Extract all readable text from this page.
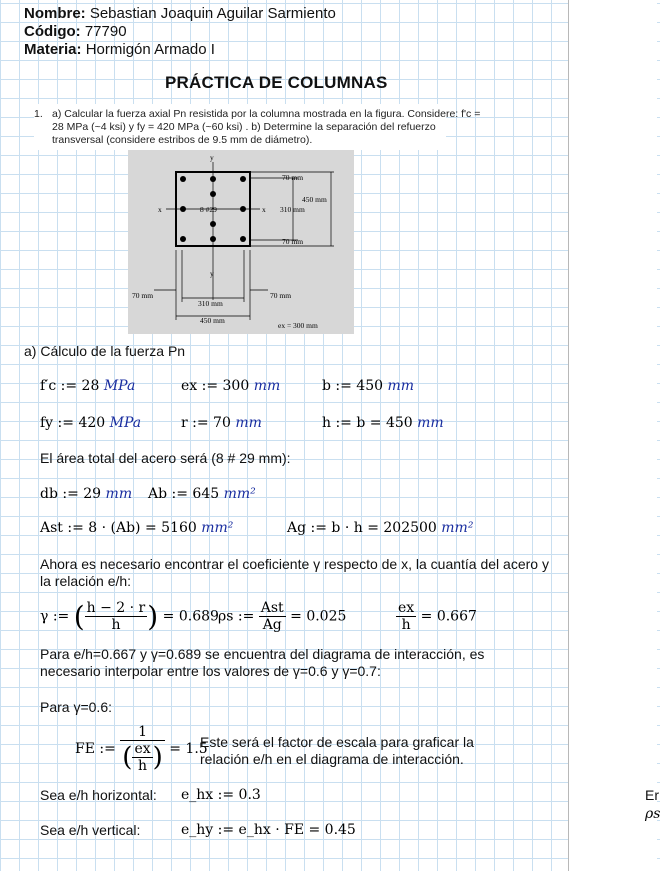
Nombre: Sebastian Joaquin Aguilar Sarmiento
Código: 77790
Materia: Hormigón Armado I
PRÁCTICA DE COLUMNAS
1. a) Calcular la fuerza axial Pn resistida por la columna mostrada en la figura. Considere: f'c =
28 MPa (~4 ksi) y fy = 420 MPa (~60 ksi) . b) Determine la separación del refuerzo
transversal (considere estribos de 9.5 mm de diámetro).
y
y
x	x
8 #29
70 mm
450 mm
310 mm
70 mm
70 mm
310 mm
70 mm
450 mm
ex = 300 mm
a) Cálculo de la fuerza Pn
f′c := 28 MPa	ex := 300 mm	b := 450 mm
fy := 420 MPa	r := 70 mm	h := b = 450 mm
El área total del acero será (8 # 29 mm):
db := 29 mm Ab := 645 mm²
Ast := 8 · (Ab) = 5160 mm²	Ag := b · h = 202500 mm²
Ahora es necesario encontrar el coeficiente γ respecto de x, la cuantía del acero y
la relación e/h:
γ := ( $\frac{h - 2 \cdot r}{h}$ ) = 0.689 ρs := $\frac{\text{Ast}}{Ag} = 0.025$	$\frac{ex}{h} = 0.667$
Para e/h=0.667 y γ=0.689 se encuentra del diagrama de interacción, es
necesario interpolar entre los valores de γ=0.6 y γ=0.7:
Para γ=0.6:
FE := $\frac{1}{( \frac{ex}{h} )} = 1.5$
Este será el factor de escala para graficar la
relación e/h en el diagrama de interacción.
Sea e/h horizontal: e_hx := 0.3
Sea e/h vertical:	e_hy := e_hx · FE = 0.45
Er
ρs
